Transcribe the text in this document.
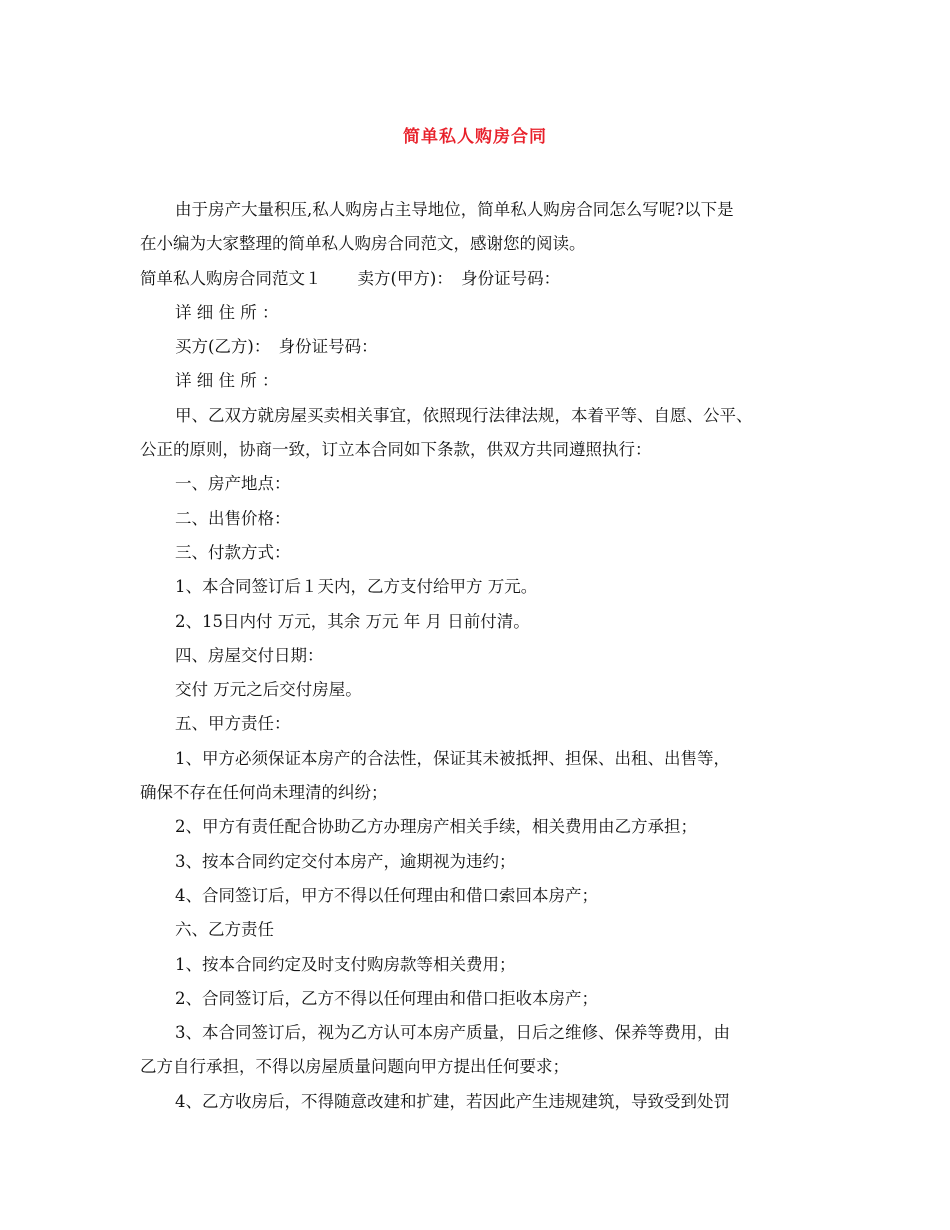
简单私人购房合同

由于房产大量积压,私人购房占主导地位，简单私人购房合同怎么写呢?以下是

在小编为大家整理的简单私人购房合同范文，感谢您的阅读。

简单私人购房合同范文１ 卖方(甲方)：　身份证号码：

详 细 住 所 ：

买方(乙方)：　身份证号码：

详 细 住 所 ：

甲、乙双方就房屋买卖相关事宜，依照现行法律法规，本着平等、自愿、公平、

公正的原则，协商一致，订立本合同如下条款，供双方共同遵照执行：

一、房产地点：

二、出售价格：

三、付款方式：

1、本合同签订后１天内，乙方支付给甲方 万元。

2、15日内付 万元，其余 万元 年 月 日前付清。

四、房屋交付日期：

交付 万元之后交付房屋。

五、甲方责任：

1、甲方必须保证本房产的合法性，保证其未被抵押、担保、出租、出售等，

确保不存在任何尚未理清的纠纷；

2、甲方有责任配合协助乙方办理房产相关手续，相关费用由乙方承担；

3、按本合同约定交付本房产，逾期视为违约；

4、合同签订后，甲方不得以任何理由和借口索回本房产；

六、乙方责任

1、按本合同约定及时支付购房款等相关费用；

2、合同签订后，乙方不得以任何理由和借口拒收本房产；

3、本合同签订后，视为乙方认可本房产质量，日后之维修、保养等费用，由

乙方自行承担，不得以房屋质量问题向甲方提出任何要求；

4、乙方收房后，不得随意改建和扩建，若因此产生违规建筑，导致受到处罚
